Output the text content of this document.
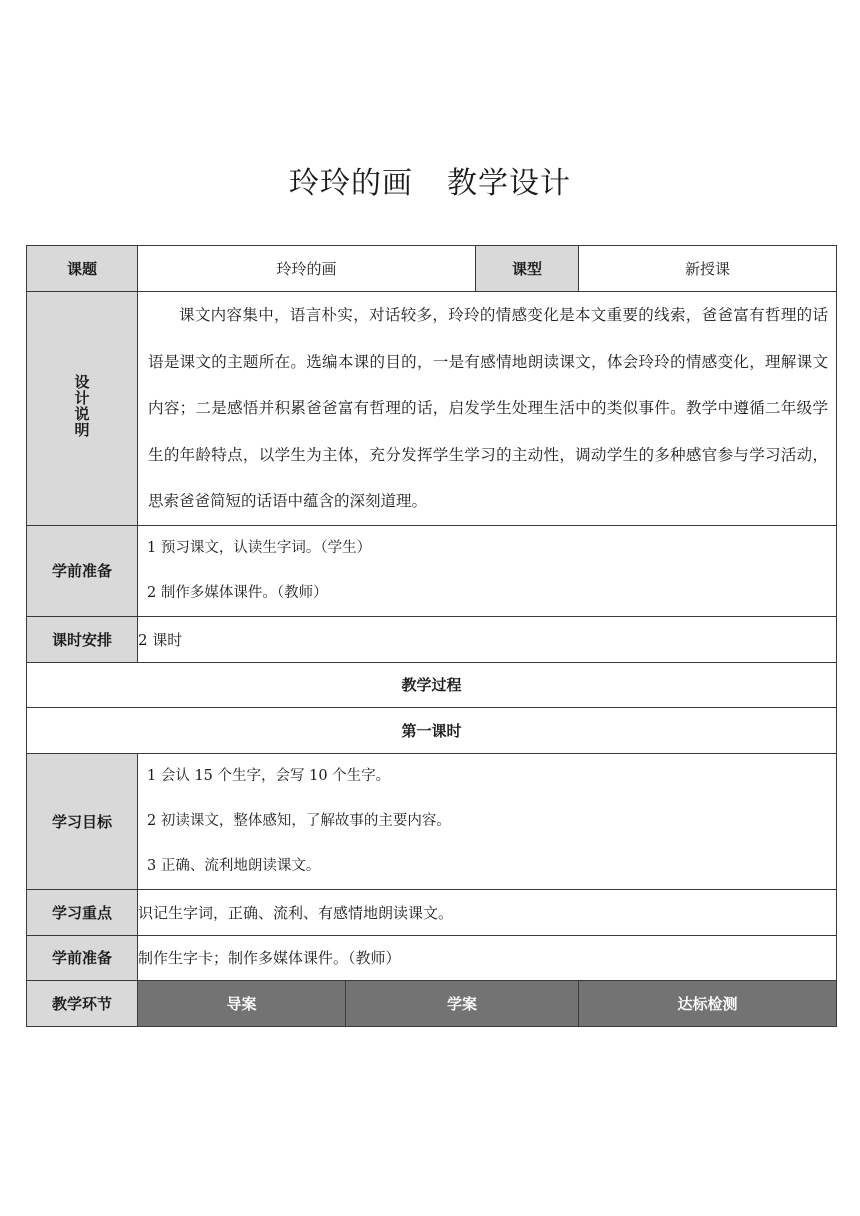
玲玲的画 教学设计
课题	玲玲的画		课型	新授课
设计说明	课文内容集中，语言朴实，对话较多，玲玲的情感变化是本文重要的线索，爸爸富有哲理的话语是课文的主题所在。选编本课的目的，一是有感情地朗读课文，体会玲玲的情感变化，理解课文内容；二是感悟并积累爸爸富有哲理的话，启发学生处理生活中的类似事件。教学中遵循二年级学生的年龄特点，以学生为主体，充分发挥学生学习的主动性，调动学生的多种感官参与学习活动，思索爸爸简短的话语中蕴含的深刻道理。			

学前准备	1 预习课文，认读生字词。（学生）
2 制作多媒体课件。（教师）			

课时安排	2 课时			
教学过程				
第一课时				
学习目标	1 会认 15 个生字，会写 10 个生字。
2 初读课文，整体感知，了解故事的主要内容。
3 正确、流利地朗读课文。			

学习重点	识记生字词，正确、流利、有感情地朗读课文。			
学前准备	制作生字卡；制作多媒体课件。（教师）			
教学环节	导案	学案		达标检测
